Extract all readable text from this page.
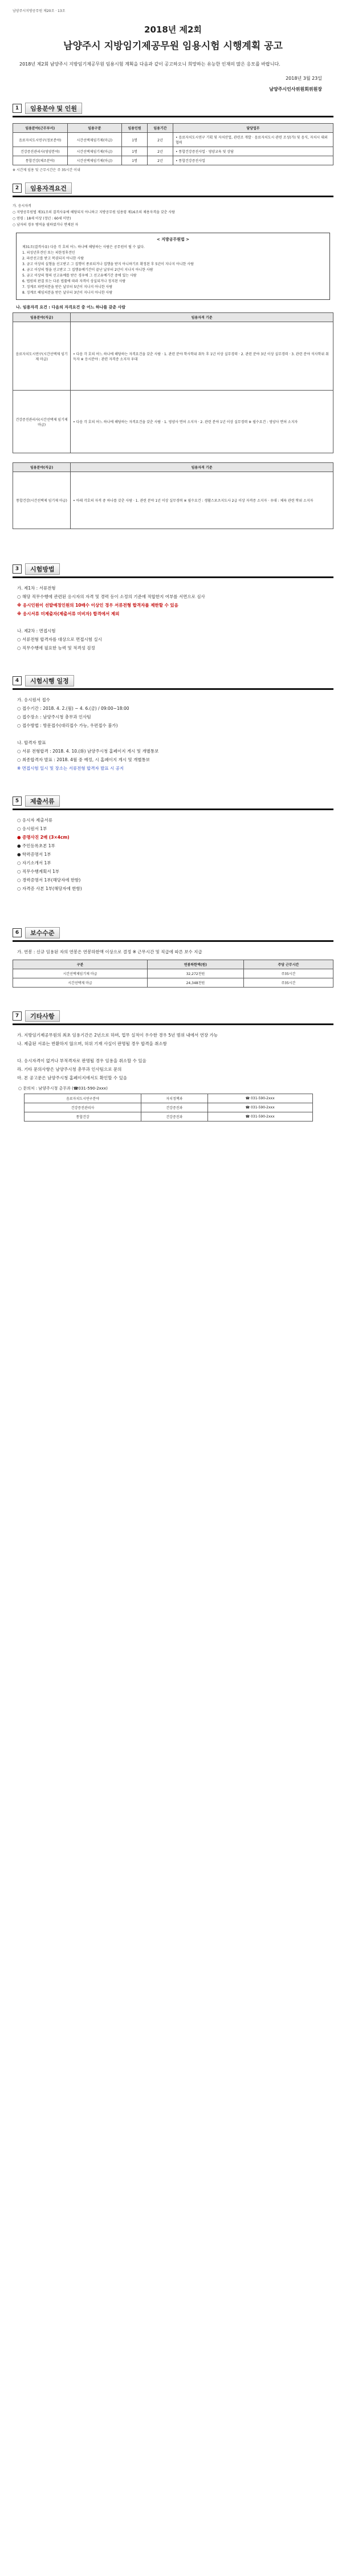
남양주시지방공무원 제20조 · 13조
2018년 제2회
남양주시 지방임기제공무원 임용시험 시행계획 공고
2018년 제2회 남양주시 지방임기제공무원 임용시험 계획을 다음과 같이 공고하오니 희망하는 유능한 인재의 많은 응모를 바랍니다.
2018년 3월 23일
남양주시인사위원회위원장
1	임용분야 및 인원
임용분야(근무부서)	임용구분	임용인원	임용기간	담당업무
음료자치도시연구(정보분야)	시간선택제임기제(마급)	1명	2년	• 음료자치도시연구 기획 및 자치산업, 관련조 개발 · 음료자치도시 관련 조성(가) 및 음식, 자치시 대외협력
건강증진관리사(영양분야)	시간선택제임기제(마급)	1명	2년	• 통합건강증진사업 · 영양교육 및 상담
통합건강(체조분야)	시간선택제임기제(마급)	1명	2년	• 통합건강증진사업
※ 시간제 임용 및 근무시간은 주 35시간 이내
2	임용자격요건

가. 응시자격

○ 지방공무원법 제31조의 결격사유에 해당되지 아니하고 지방공무원 임용령 제16조의 채용자격을 갖춘 사람

○ 연령 : 18세 이상 (정년 : 60세 미만)

○ 남자의 경우 병역을 필하였거나 면제된 자

< 지방공무원법 >

제31조(결격사유) 다음 각 호의 어느 하나에 해당하는 사람은 공무원이 될 수 없다.

1. 피성년후견인 또는 피한정후견인

2. 파산선고를 받고 복권되지 아니한 사람

3. 금고 이상의 실형을 선고받고 그 집행이 종료되거나 집행을 받지 아니하기로 확정된 후 5년이 지나지 아니한 사람

4. 금고 이상의 형을 선고받고 그 집행유예기간이 끝난 날부터 2년이 지나지 아니한 사람

5. 금고 이상의 형의 선고유예를 받은 경우에 그 선고유예기간 중에 있는 사람

6. 법원의 판결 또는 다른 법률에 따라 자격이 상실되거나 정지된 사람

7. 징계로 파면처분을 받은 날부터 5년이 지나지 아니한 사람

8. 징계로 해임처분을 받은 날부터 3년이 지나지 아니한 사람

나. 임용자격 요건 : 다음의 자격요건 중 어느 하나를 갖춘 사람
임용분야(직급)	임용자격 기준
음료자치도시연구(시간선택제 임기제 마급)	• 다음 각 호의 어느 하나에 해당하는 자격요건을 갖춘 사람 · 1. 관련 분야 학사학위 취득 후 1년 이상 실무경력 · 2. 관련 분야 3년 이상 실무경력 · 3. 관련 분야 석사학위 취득자 ※ 응시분야 : 관련 자격증 소지자 우대
건강증진관리사(시간선택제 임기제 마급)	• 다음 각 호의 어느 하나에 해당하는 자격요건을 갖춘 사람 · 1. 영양사 면허 소지자 · 2. 관련 분야 1년 이상 실무경력 ※ 필수요건 : 영양사 면허 소지자
임용분야(직급)	임용자격 기준
통합건강(시간선택제 임기제 마급)	• 아래 각호의 자격 중 하나를 갖춘 사람 · 1. 관련 분야 1년 이상 실무경력 ※ 필수요건 : 생활스포츠지도사 2급 이상 자격증 소지자 · 우대 : 체육 관련 학위 소지자
3	시험방법

가. 제1차 : 서류전형

○ 해당 직무수행에 관련된 응시자의 자격 및 경력 등이 소정의 기준에 적합한지 여부를 서면으로 심사

※ 응시인원이 선발예정인원의 10배수 이상인 경우 서류전형 합격자를 제한할 수 있음

※ 응시서류 미제출자(제출서류 미비자) 합격에서 제외

나. 제2차 : 면접시험

○ 서류전형 합격자를 대상으로 면접시험 실시

○ 직무수행에 필요한 능력 및 적격성 검정

4	시험시행 일정

가. 응시원서 접수

○ 접수기간 : 2018. 4. 2.(월) ~ 4. 6.(금) / 09:00~18:00

○ 접수장소 : 남양주시청 총무과 인사팀

○ 접수방법 : 방문접수(대리접수 가능, 우편접수 불가)

나. 합격자 발표

○ 서류 전형합격 : 2018. 4. 10.(화) 남양주시청 홈페이지 게시 및 개별통보

○ 최종합격자 발표 : 2018. 4월 중 예정, 시 홈페이지 게시 및 개별통보

※ 면접시험 일시 및 장소는 서류전형 합격자 발표 시 공지

5	제출서류

○ 응시자 제출서류

○ 응시원서 1부

● 증명사진 2매 (3×4cm)

● 주민등록초본 1부

● 학력증명서 1부

○ 자기소개서 1부

○ 직무수행계획서 1부

○ 경력증명서 1부(해당자에 한함)

○ 자격증 사본 1부(해당자에 한함)

6	보수수준
가. 연봉 : 신규 임용된 자의 연봉은 연봉하한액 이상으로 결정 ※ 근무시간 및 직급에 따른 보수 지급
구분	연봉하한액(원)	주당 근무시간
시간선택제임기제 마급	32,272천원	주35시간
시간선택제 마급	24,348천원	주35시간
7	기타사항

가. 지방임기제공무원의 최초 임용기간은 2년으로 하며, 업무 실적이 우수한 경우 5년 범위 내에서 연장 가능

나. 제출된 서류는 반환하지 않으며, 허위 기재 사실이 판명될 경우 합격을 취소함

다. 응시자격이 없거나 부적격자로 판명될 경우 임용을 취소할 수 있음

라. 기타 문의사항은 남양주시청 총무과 인사팀으로 문의

마. 본 공고문은 남양주시청 홈페이지에서도 확인할 수 있음

○ 문의처 : 남양주시청 총무과 (☎031-590-2xxx)
음료자치도시연구분야	자치정책과	☎ 031-590-2xxx
건강증진관리사	건강증진과	☎ 031-590-2xxx
통합건강	건강증진과	☎ 031-590-2xxx
